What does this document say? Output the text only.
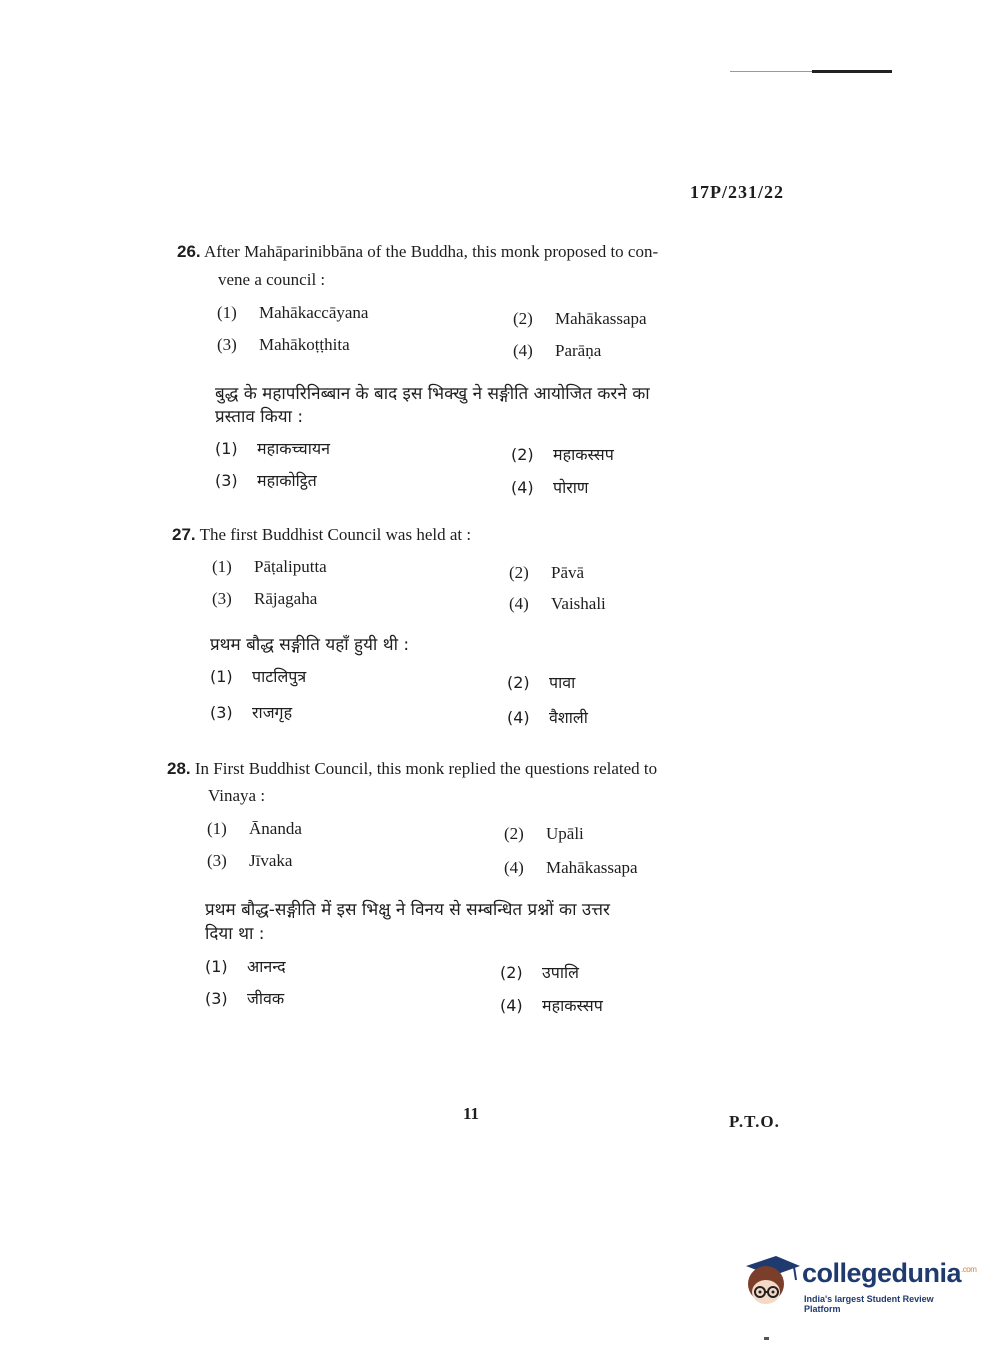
17P/231/22
26. After Mahāparinibbāna of the Buddha, this monk proposed to con-
vene a council :
(1) Mahākaccāyana	(2) Mahākassapa
(3) Mahākoṭṭhita	(4) Parāṇa
बुद्ध के महापरिनिब्बान के बाद इस भिक्खु ने सङ्गीति आयोजित करने का
प्रस्ताव किया :
(1) महाकच्चायन	(2) महाकस्सप
(3) महाकोट्ठित	(4) पोराण
27. The first Buddhist Council was held at :
(1) Pāṭaliputta	(2) Pāvā
(3) Rājagaha	(4) Vaishali
प्रथम बौद्ध सङ्गीति यहाँ हुयी थी :
(1) पाटलिपुत्र	(2) पावा
(3) राजगृह	(4) वैशाली
28. In First Buddhist Council, this monk replied the questions related to
Vinaya :
(1) Ānanda	(2) Upāli
(3) Jīvaka	(4) Mahākassapa
प्रथम बौद्ध-सङ्गीति में इस भिक्षु ने विनय से सम्बन्धित प्रश्नों का उत्तर
दिया था :
(1) आनन्द	(2) उपालि
(3) जीवक	(4) महाकस्सप
11	P.T.O.
collegedunia$^{.com}$
India's largest Student Review Platform
